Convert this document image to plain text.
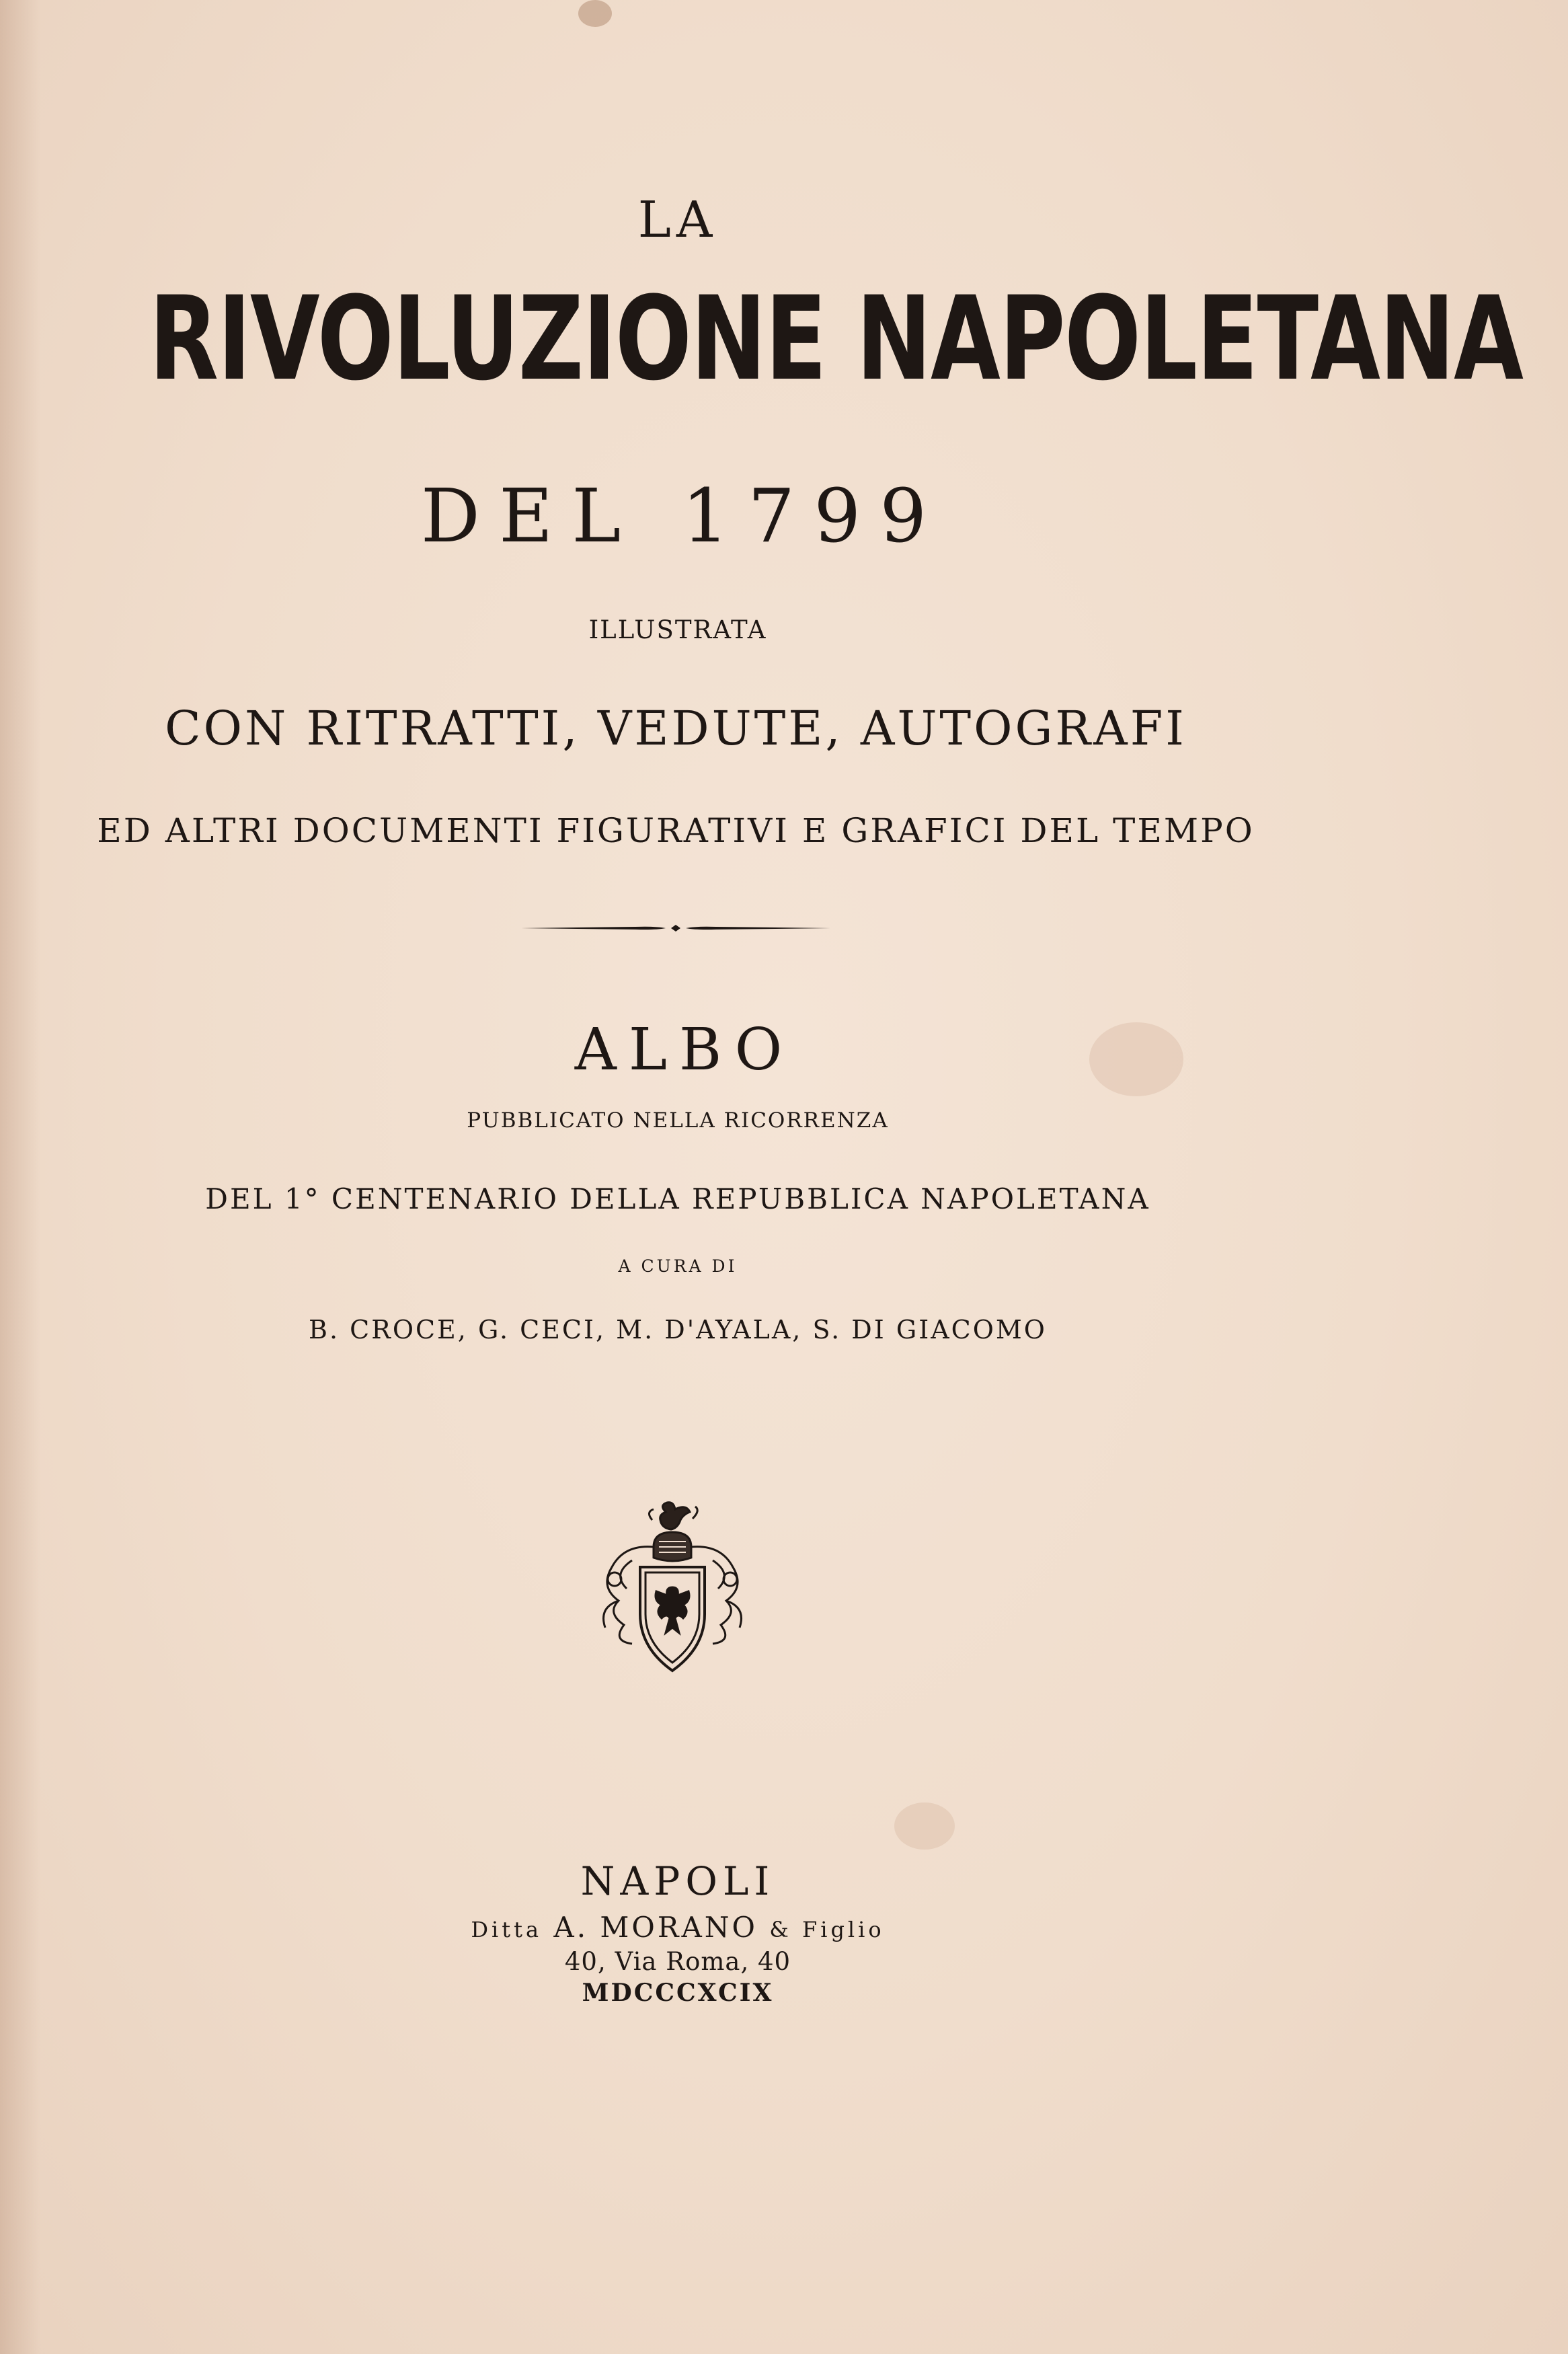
LA
RIVOLUZIONE NAPOLETANA
DEL 1799
ILLUSTRATA
CON RITRATTI, VEDUTE, AUTOGRAFI
ED ALTRI DOCUMENTI FIGURATIVI E GRAFICI DEL TEMPO
ALBO
PUBBLICATO NELLA RICORRENZA
DEL 1° CENTENARIO DELLA REPUBBLICA NAPOLETANA
A CURA DI
B. CROCE, G. CECI, M. D'AYALA, S. DI GIACOMO
NAPOLI
Ditta A. MORANO & Figlio
40, Via Roma, 40
MDCCCXCIX
